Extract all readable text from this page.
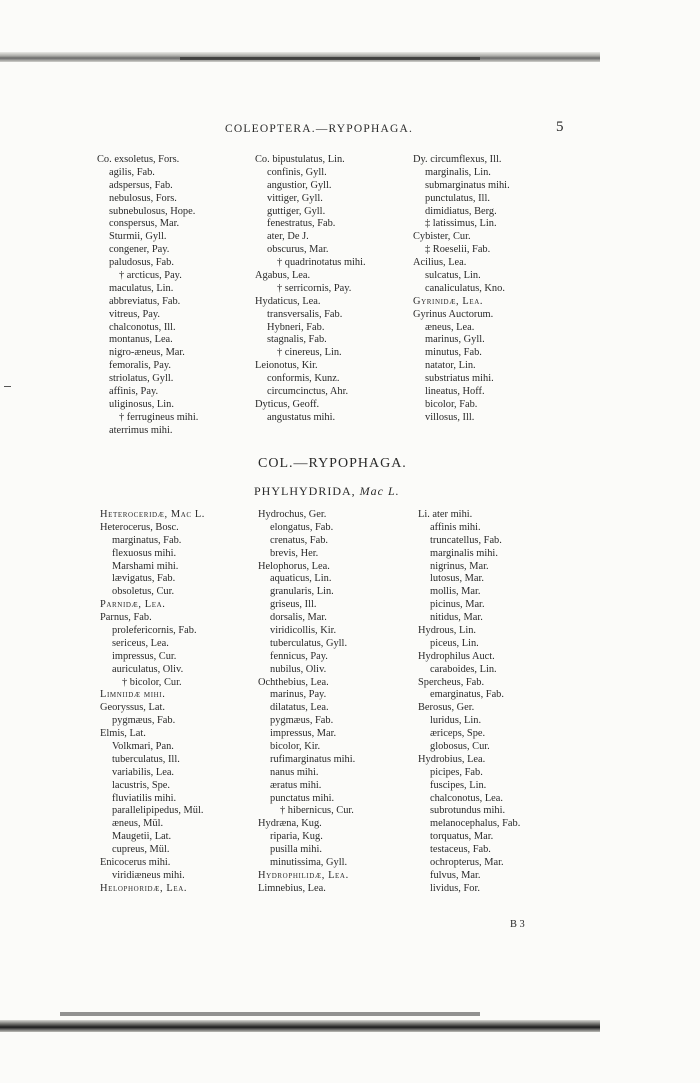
COLEOPTERA.—RYPOPHAGA.	5
Co. exsoletus, Fors.
agilis, Fab.
adspersus, Fab.
nebulosus, Fors.
subnebulosus, Hope.
conspersus, Mar.
Sturmii, Gyll.
congener, Pay.
paludosus, Fab.
† arcticus, Pay.
maculatus, Lin.
abbreviatus, Fab.
vitreus, Pay.
chalconotus, Ill.
montanus, Lea.
nigro-æneus, Mar.
femoralis, Pay.
striolatus, Gyll.
affinis, Pay.
uliginosus, Lin.
† ferrugineus mihi.
aterrimus mihi.
Co. bipustulatus, Lin.
confinis, Gyll.
angustior, Gyll.
vittiger, Gyll.
guttiger, Gyll.
fenestratus, Fab.
ater, De J.
obscurus, Mar.
† quadrinotatus mihi.
Agabus, Lea.
† serricornis, Pay.
Hydaticus, Lea.
transversalis, Fab.
Hybneri, Fab.
stagnalis, Fab.
† cinereus, Lin.
Leionotus, Kir.
conformis, Kunz.
circumcinctus, Ahr.
Dyticus, Geoff.
angustatus mihi.
Dy. circumflexus, Ill.
marginalis, Lin.
submarginatus mihi.
punctulatus, Ill.
dimidiatus, Berg.
‡ latissimus, Lin.
Cybister, Cur.
‡ Roeselii, Fab.
Acilius, Lea.
sulcatus, Lin.
canaliculatus, Kno.
Gyrinidæ, Lea.
Gyrinus Auctorum.
æneus, Lea.
marinus, Gyll.
minutus, Fab.
natator, Lin.
substriatus mihi.
lineatus, Hoff.
bicolor, Fab.
villosus, Ill.
COL.—RYPOPHAGA.
PHYLHYDRIDA, Mac L.
Heteroceridæ, Mac L.
Heterocerus, Bosc.
marginatus, Fab.
flexuosus mihi.
Marshami mihi.
lævigatus, Fab.
obsoletus, Cur.
Parnidæ, Lea.
Parnus, Fab.
prolefericornis, Fab.
sericeus, Lea.
impressus, Cur.
auriculatus, Oliv.
† bicolor, Cur.
Limniidæ mihi.
Georyssus, Lat.
pygmæus, Fab.
Elmis, Lat.
Volkmari, Pan.
tuberculatus, Ill.
variabilis, Lea.
lacustris, Spe.
fluviatilis mihi.
parallelipipedus, Mül.
æneus, Mül.
Maugetii, Lat.
cupreus, Mül.
Enicocerus mihi.
viridiæneus mihi.
Helophoridæ, Lea.
Hydrochus, Ger.
elongatus, Fab.
crenatus, Fab.
brevis, Her.
Helophorus, Lea.
aquaticus, Lin.
granularis, Lin.
griseus, Ill.
dorsalis, Mar.
viridicollis, Kir.
tuberculatus, Gyll.
fennicus, Pay.
nubilus, Oliv.
Ochthebius, Lea.
marinus, Pay.
dilatatus, Lea.
pygmæus, Fab.
impressus, Mar.
bicolor, Kir.
rufimarginatus mihi.
nanus mihi.
æratus mihi.
punctatus mihi.
† hibernicus, Cur.
Hydræna, Kug.
riparia, Kug.
pusilla mihi.
minutissima, Gyll.
Hydrophilidæ, Lea.
Limnebius, Lea.
Li. ater mihi.
affinis mihi.
truncatellus, Fab.
marginalis mihi.
nigrinus, Mar.
lutosus, Mar.
mollis, Mar.
picinus, Mar.
nitidus, Mar.
Hydrous, Lin.
piceus, Lin.
Hydrophilus Auct.
caraboides, Lin.
Spercheus, Fab.
emarginatus, Fab.
Berosus, Ger.
luridus, Lin.
æriceps, Spe.
globosus, Cur.
Hydrobius, Lea.
picipes, Fab.
fuscipes, Lin.
chalconotus, Lea.
subrotundus mihi.
melanocephalus, Fab.
torquatus, Mar.
testaceus, Fab.
ochropterus, Mar.
fulvus, Mar.
lividus, For.
B 3
